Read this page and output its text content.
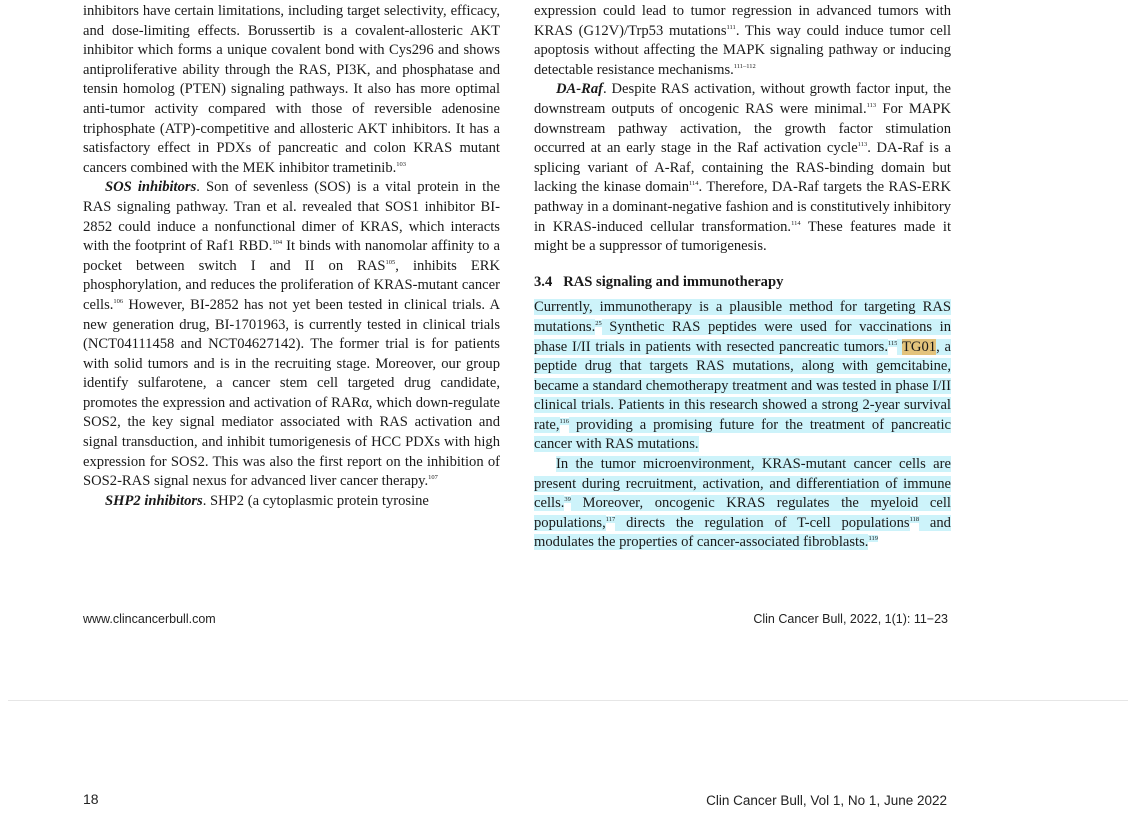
inhibitors have certain limitations, including target selectivity, efficacy, and dose-limiting effects. Borussertib is a covalent-allosteric AKT inhibitor which forms a unique covalent bond with Cys296 and shows antiproliferative ability through the RAS, PI3K, and phosphatase and tensin homolog (PTEN) signaling pathways. It also has more optimal anti-tumor activity compared with those of reversible adenosine triphosphate (ATP)-competitive and allosteric AKT inhibitors. It has a satisfactory effect in PDXs of pancreatic and colon KRAS mutant cancers combined with the MEK inhibitor trametinib.$^{103}$

SOS inhibitors. Son of sevenless (SOS) is a vital protein in the RAS signaling pathway. Tran et al. revealed that SOS1 inhibitor BI-2852 could induce a nonfunctional dimer of KRAS, which interacts with the footprint of Raf1 RBD.$^{104}$ It binds with nanomolar affinity to a pocket between switch I and II on RAS$^{105}$, inhibits ERK phosphorylation, and reduces the proliferation of KRAS-mutant cancer cells.$^{106}$ However, BI-2852 has not yet been tested in clinical trials. A new generation drug, BI-1701963, is currently tested in clinical trials (NCT04111458 and NCT04627142). The former trial is for patients with solid tumors and is in the recruiting stage. Moreover, our group identify sulfarotene, a cancer stem cell targeted drug candidate, promotes the expression and activation of RARα, which down-regulate SOS2, the key signal mediator associated with RAS activation and signal transduction, and inhibit tumorigenesis of HCC PDXs with high expression for SOS2. This was also the first report on the inhibition of SOS2-RAS signal nexus for advanced liver cancer therapy.$^{107}$

SHP2 inhibitors. SHP2 (a cytoplasmic protein tyrosine

expression could lead to tumor regression in advanced tumors with KRAS (G12V)/Trp53 mutations$^{111}$. This way could induce tumor cell apoptosis without affecting the MAPK signaling pathway or inducing detectable resistance mechanisms.$^{111-112}$

DA-Raf. Despite RAS activation, without growth factor input, the downstream outputs of oncogenic RAS were minimal.$^{113}$ For MAPK downstream pathway activation, the growth factor stimulation occurred at an early stage in the Raf activation cycle$^{113}$. DA-Raf is a splicing variant of A-Raf, containing the RAS-binding domain but lacking the kinase domain$^{114}$. Therefore, DA-Raf targets the RAS-ERK pathway in a dominant-negative fashion and is constitutively inhibitory in KRAS-induced cellular transformation.$^{114}$ These features made it might be a suppressor of tumorigenesis.

3.4 RAS signaling and immunotherapy

Currently, immunotherapy is a plausible method for targeting RAS mutations.$^{25}$ Synthetic RAS peptides were used for vaccinations in phase I/II trials in patients with resected pancreatic tumors.$^{115}$ TG01, a peptide drug that targets RAS mutations, along with gemcitabine, became a standard chemotherapy treatment and was tested in phase I/II clinical trials. Patients in this research showed a strong 2-year survival rate,$^{116}$ providing a promising future for the treatment of pancreatic cancer with RAS mutations.

In the tumor microenvironment, KRAS-mutant cancer cells are present during recruitment, activation, and differentiation of immune cells.$^{39}$ Moreover, oncogenic KRAS regulates the myeloid cell populations,$^{117}$ directs the regulation of T-cell populations$^{118}$ and modulates the properties of cancer-associated fibroblasts.$^{119}$

www.clincancerbull.com	Clin Cancer Bull, 2022, 1(1): 11−23
18	Clin Cancer Bull, Vol 1, No 1, June 2022
